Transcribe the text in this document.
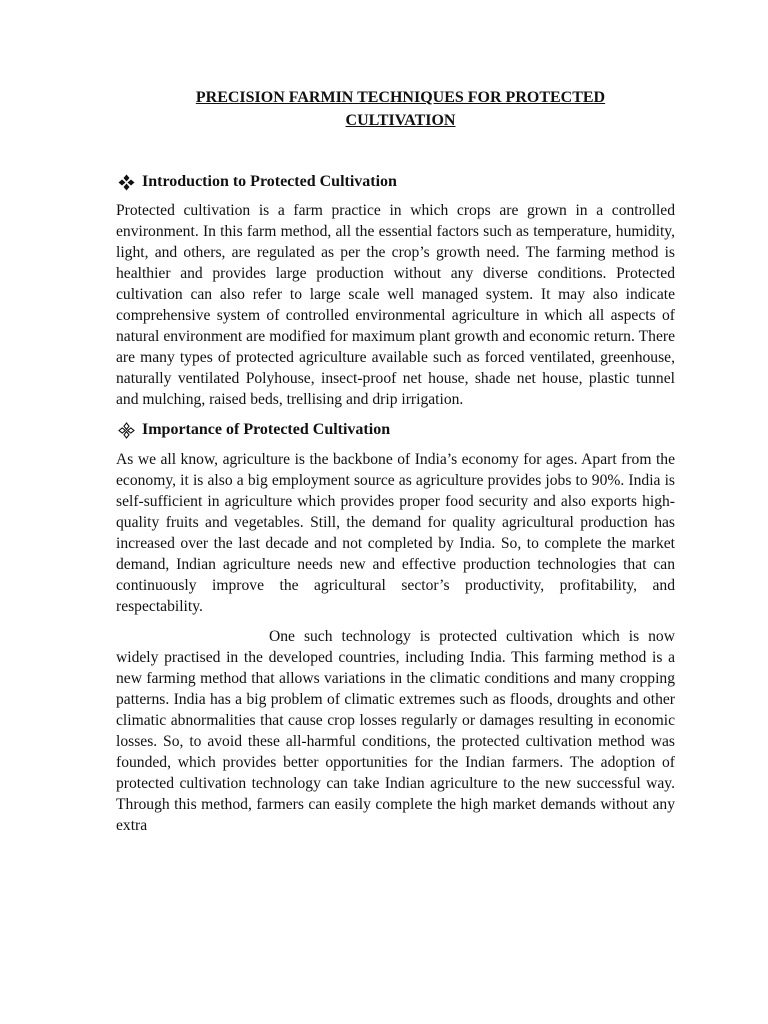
PRECISION FARMIN TECHNIQUES FOR PROTECTED CULTIVATION
Introduction to Protected Cultivation

Protected cultivation is a farm practice in which crops are grown in a controlled environment. In this farm method, all the essential factors such as temperature, humidity, light, and others, are regulated as per the crop’s growth need. The farming method is healthier and provides large production without any diverse conditions. Protected cultivation can also refer to large scale well managed system. It may also indicate comprehensive system of controlled environmental agriculture in which all aspects of natural environment are modified for maximum plant growth and economic return. There are many types of protected agriculture available such as forced ventilated, greenhouse, naturally ventilated Polyhouse, insect-proof net house, shade net house, plastic tunnel and mulching, raised beds, trellising and drip irrigation.

Importance of Protected Cultivation

As we all know, agriculture is the backbone of India’s economy for ages. Apart from the economy, it is also a big employment source as agriculture provides jobs to 90%. India is self-sufficient in agriculture which provides proper food security and also exports high-quality fruits and vegetables. Still, the demand for quality agricultural production has increased over the last decade and not completed by India. So, to complete the market demand, Indian agriculture needs new and effective production technologies that can continuously improve the agricultural sector’s productivity, profitability, and respectability.

One such technology is protected cultivation which is now widely practised in the developed countries, including India. This farming method is a new farming method that allows variations in the climatic conditions and many cropping patterns. India has a big problem of climatic extremes such as floods, droughts and other climatic abnormalities that cause crop losses regularly or damages resulting in economic losses. So, to avoid these all-harmful conditions, the protected cultivation method was founded, which provides better opportunities for the Indian farmers. The adoption of protected cultivation technology can take Indian agriculture to the new successful way. Through this method, farmers can easily complete the high market demands without any extra
